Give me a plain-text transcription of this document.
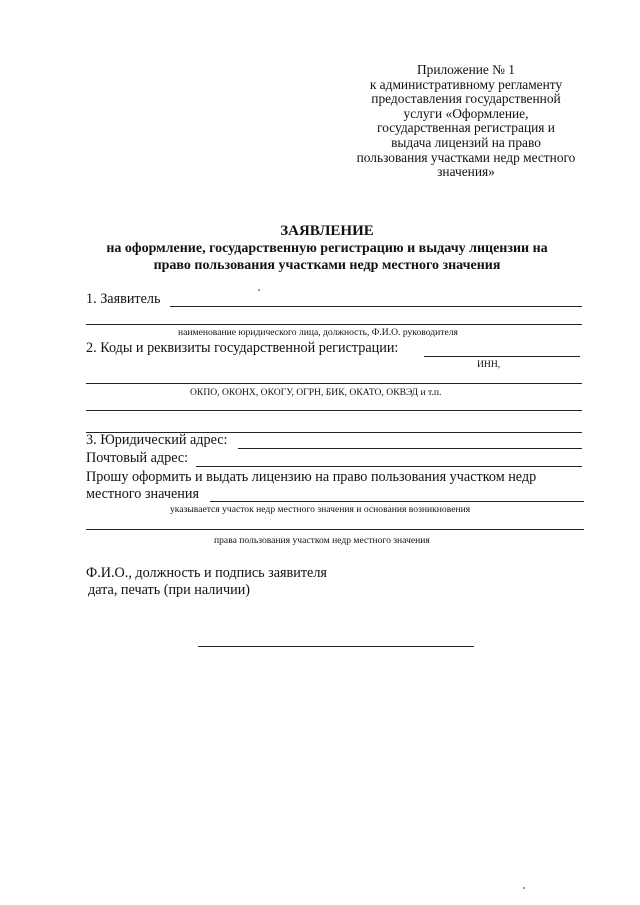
Приложение № 1
к административному регламенту
предоставления государственной
услуги «Оформление,
государственная регистрация и
выдача лицензий на право
пользования участками недр местного
значения»
ЗАЯВЛЕНИЕ
на оформление, государственную регистрацию и выдачу лицензии на
право пользования участками недр местного значения
1. Заявитель
наименование юридического лица, должность, Ф.И.О. руководителя
2. Коды и реквизиты государственной регистрации:
ИНН,
ОКПО, ОКОНХ, ОКОГУ, ОГРН, БИК, ОКАТО, ОКВЭД и т.п.
3. Юридический адрес:
Почтовый адрес:
Прошу оформить и выдать лицензию на право пользования участком недр
местного значения
указывается участок недр местного значения и основания возникновения
права пользования участком недр местного значения
Ф.И.О., должность и подпись заявителя
дата, печать (при наличии)
